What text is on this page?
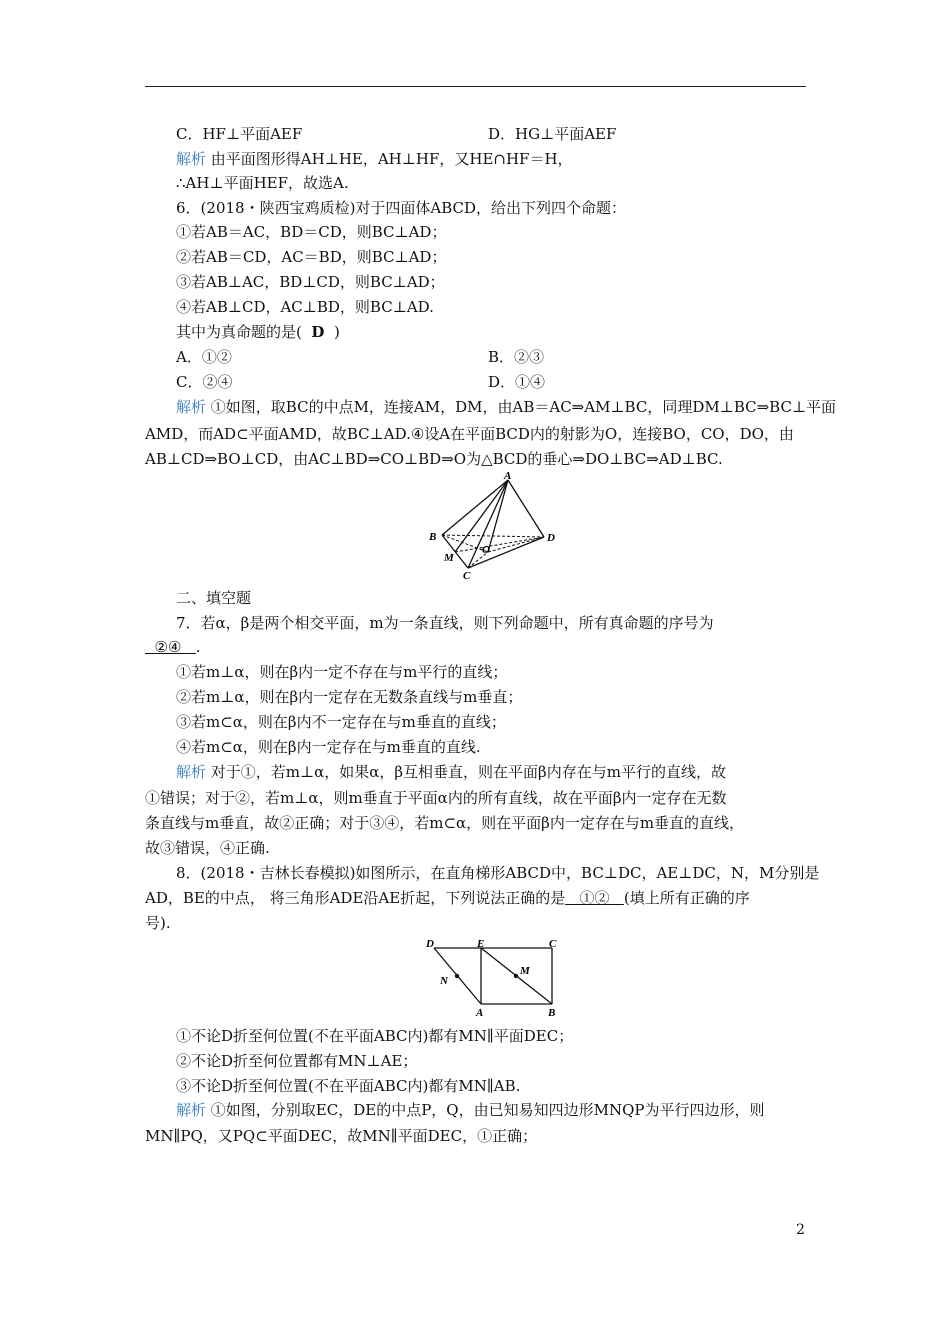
C．HF⊥平面AEF	D．HG⊥平面AEF
解析 由平面图形得AH⊥HE，AH⊥HF，又HE∩HF＝H，
∴AH⊥平面HEF，故选A.
6．(2018・陕西宝鸡质检)对于四面体ABCD，给出下列四个命题：
①若AB＝AC，BD＝CD，则BC⊥AD；
②若AB＝CD，AC＝BD，则BC⊥AD；
③若AB⊥AC，BD⊥CD，则BC⊥AD；
④若AB⊥CD，AC⊥BD，则BC⊥AD.
其中为真命题的是( D )
A．①②	B．②③
C．②④	D．①④
解析 ①如图，取BC的中点M，连接AM，DM，由AB＝AC⇒AM⊥BC，同理DM⊥BC⇒BC⊥平面
AMD，而AD⊂平面AMD，故BC⊥AD.④设A在平面BCD内的射影为O，连接BO，CO，DO，由
AB⊥CD⇒BO⊥CD，由AC⊥BD⇒CO⊥BD⇒O为△BCD的垂心⇒DO⊥BC⇒AD⊥BC.
A
B	D
M
O
C
二、填空题
7．若α，β是两个相交平面，m为一条直线，则下列命题中，所有真命题的序号为
②④ .
①若m⊥α，则在β内一定不存在与m平行的直线；
②若m⊥α，则在β内一定存在无数条直线与m垂直；
③若m⊂α，则在β内不一定存在与m垂直的直线；
④若m⊂α，则在β内一定存在与m垂直的直线.
解析 对于①，若m⊥α，如果α，β互相垂直，则在平面β内存在与m平行的直线，故
①错误；对于②，若m⊥α，则m垂直于平面α内的所有直线，故在平面β内一定存在无数
条直线与m垂直，故②正确；对于③④，若m⊂α，则在平面β内一定存在与m垂直的直线，
故③错误，④正确.
8．(2018・吉林长春模拟)如图所示，在直角梯形ABCD中，BC⊥DC，AE⊥DC，N，M分别是
AD，BE的中点， 将三角形ADE沿AE折起，下列说法正确的是 ①② (填上所有正确的序
号).
D	E	C
N
M
A	B
①不论D折至何位置(不在平面ABC内)都有MN∥平面DEC；
②不论D折至何位置都有MN⊥AE；
③不论D折至何位置(不在平面ABC内)都有MN∥AB.
解析 ①如图，分别取EC，DE的中点P，Q，由已知易知四边形MNQP为平行四边形，则
MN∥PQ，又PQ⊂平面DEC，故MN∥平面DEC，①正确；
2
